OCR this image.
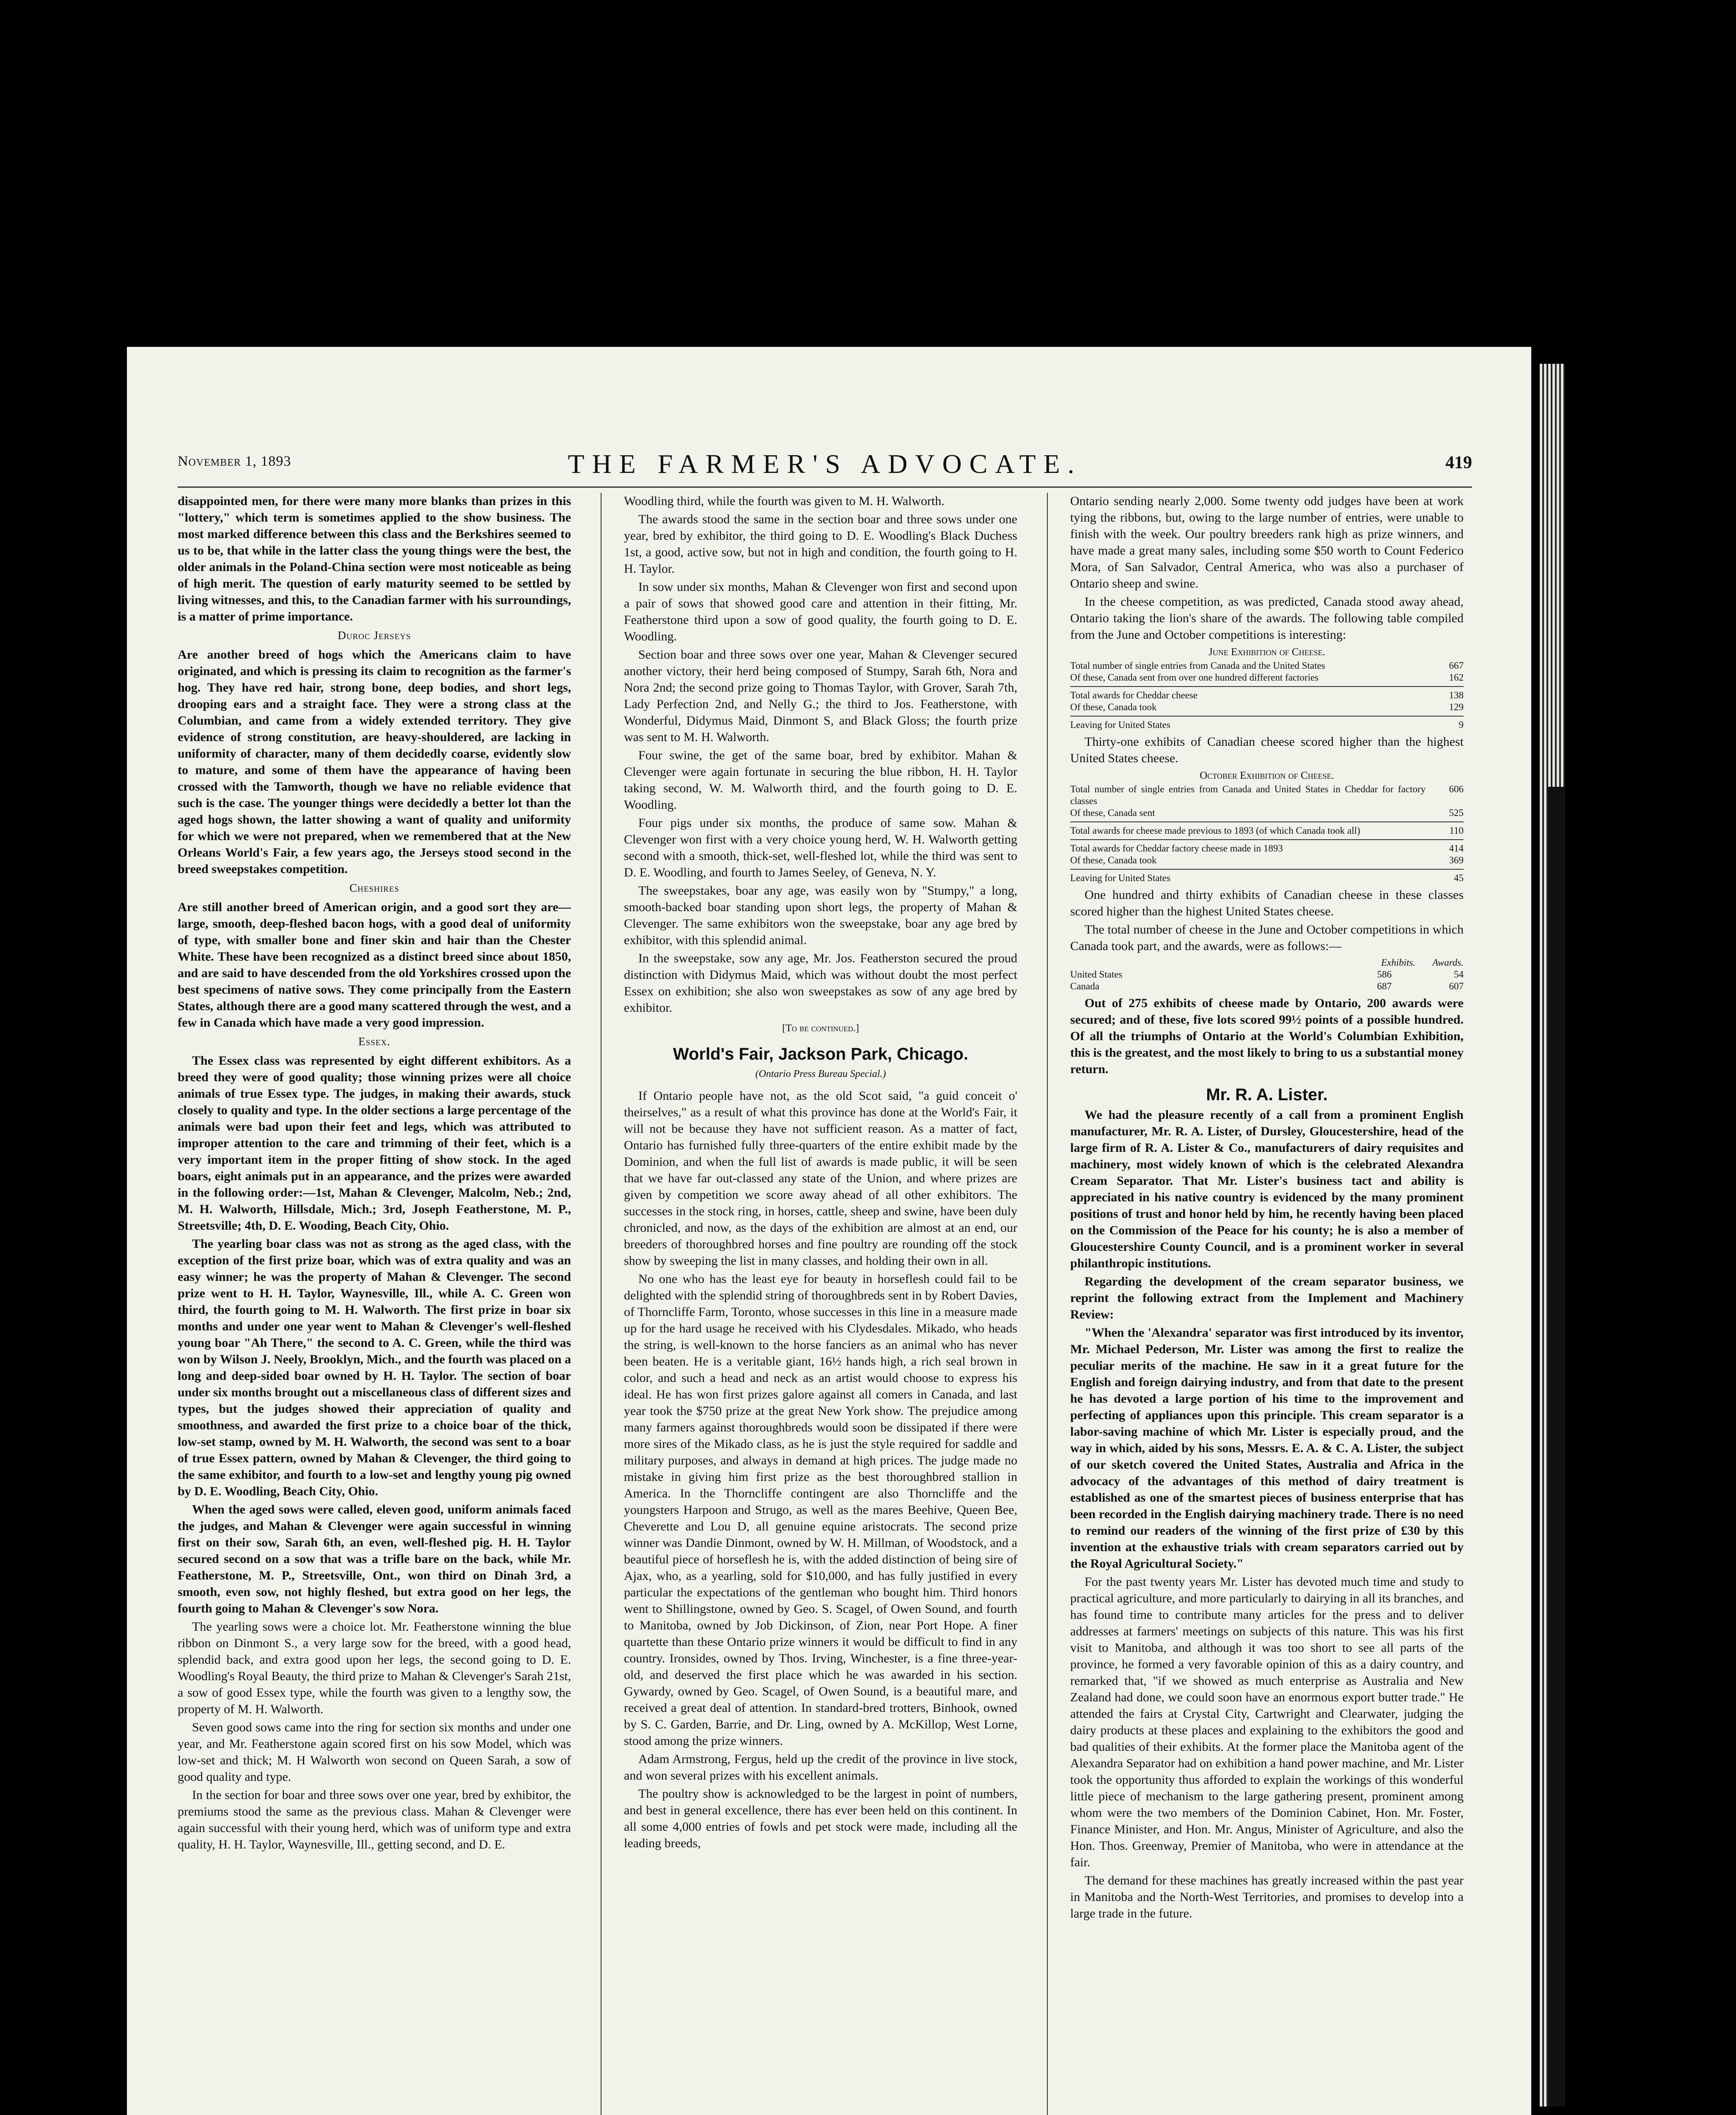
November 1, 1893	THE FARMER'S ADVOCATE.	419

disappointed men, for there were many more blanks than prizes in this "lottery," which term is sometimes applied to the show business. The most marked difference between this class and the Berkshires seemed to us to be, that while in the latter class the young things were the best, the older animals in the Poland-China section were most noticeable as being of high merit. The question of early maturity seemed to be settled by living witnesses, and this, to the Canadian farmer with his surroundings, is a matter of prime importance.

Duroc Jerseys

Are another breed of hogs which the Americans claim to have originated, and which is pressing its claim to recognition as the farmer's hog. They have red hair, strong bone, deep bodies, and short legs, drooping ears and a straight face. They were a strong class at the Columbian, and came from a widely extended territory. They give evidence of strong constitution, are heavy-shouldered, are lacking in uniformity of character, many of them decidedly coarse, evidently slow to mature, and some of them have the appearance of having been crossed with the Tamworth, though we have no reliable evidence that such is the case. The younger things were decidedly a better lot than the aged hogs shown, the latter showing a want of quality and uniformity for which we were not prepared, when we remembered that at the New Orleans World's Fair, a few years ago, the Jerseys stood second in the breed sweepstakes competition.

Cheshires

Are still another breed of American origin, and a good sort they are—large, smooth, deep-fleshed bacon hogs, with a good deal of uniformity of type, with smaller bone and finer skin and hair than the Chester White. These have been recognized as a distinct breed since about 1850, and are said to have descended from the old Yorkshires crossed upon the best specimens of native sows. They come principally from the Eastern States, although there are a good many scattered through the west, and a few in Canada which have made a very good impression.

Essex.

The Essex class was represented by eight different exhibitors. As a breed they were of good quality; those winning prizes were all choice animals of true Essex type. The judges, in making their awards, stuck closely to quality and type. In the older sections a large percentage of the animals were bad upon their feet and legs, which was attributed to improper attention to the care and trimming of their feet, which is a very important item in the proper fitting of show stock. In the aged boars, eight animals put in an appearance, and the prizes were awarded in the following order:—1st, Mahan & Clevenger, Malcolm, Neb.; 2nd, M. H. Walworth, Hillsdale, Mich.; 3rd, Joseph Featherstone, M. P., Streetsville; 4th, D. E. Wooding, Beach City, Ohio.

The yearling boar class was not as strong as the aged class, with the exception of the first prize boar, which was of extra quality and was an easy winner; he was the property of Mahan & Clevenger. The second prize went to H. H. Taylor, Waynesville, Ill., while A. C. Green won third, the fourth going to M. H. Walworth. The first prize in boar six months and under one year went to Mahan & Clevenger's well-fleshed young boar "Ah There," the second to A. C. Green, while the third was won by Wilson J. Neely, Brooklyn, Mich., and the fourth was placed on a long and deep-sided boar owned by H. H. Taylor. The section of boar under six months brought out a miscellaneous class of different sizes and types, but the judges showed their appreciation of quality and smoothness, and awarded the first prize to a choice boar of the thick, low-set stamp, owned by M. H. Walworth, the second was sent to a boar of true Essex pattern, owned by Mahan & Clevenger, the third going to the same exhibitor, and fourth to a low-set and lengthy young pig owned by D. E. Woodling, Beach City, Ohio.

When the aged sows were called, eleven good, uniform animals faced the judges, and Mahan & Clevenger were again successful in winning first on their sow, Sarah 6th, an even, well-fleshed pig. H. H. Taylor secured second on a sow that was a trifle bare on the back, while Mr. Featherstone, M. P., Streetsville, Ont., won third on Dinah 3rd, a smooth, even sow, not highly fleshed, but extra good on her legs, the fourth going to Mahan & Clevenger's sow Nora.

The yearling sows were a choice lot. Mr. Featherstone winning the blue ribbon on Dinmont S., a very large sow for the breed, with a good head, splendid back, and extra good upon her legs, the second going to D. E. Woodling's Royal Beauty, the third prize to Mahan & Clevenger's Sarah 21st, a sow of good Essex type, while the fourth was given to a lengthy sow, the property of M. H. Walworth.

Seven good sows came into the ring for section six months and under one year, and Mr. Featherstone again scored first on his sow Model, which was low-set and thick; M. H Walworth won second on Queen Sarah, a sow of good quality and type.

In the section for boar and three sows over one year, bred by exhibitor, the premiums stood the same as the previous class. Mahan & Clevenger were again successful with their young herd, which was of uniform type and extra quality, H. H. Taylor, Waynesville, Ill., getting second, and D. E.

Woodling third, while the fourth was given to M. H. Walworth.

The awards stood the same in the section boar and three sows under one year, bred by exhibitor, the third going to D. E. Woodling's Black Duchess 1st, a good, active sow, but not in high and condition, the fourth going to H. H. Taylor.

In sow under six months, Mahan & Clevenger won first and second upon a pair of sows that showed good care and attention in their fitting, Mr. Featherstone third upon a sow of good quality, the fourth going to D. E. Woodling.

Section boar and three sows over one year, Mahan & Clevenger secured another victory, their herd being composed of Stumpy, Sarah 6th, Nora and Nora 2nd; the second prize going to Thomas Taylor, with Grover, Sarah 7th, Lady Perfection 2nd, and Nelly G.; the third to Jos. Featherstone, with Wonderful, Didymus Maid, Dinmont S, and Black Gloss; the fourth prize was sent to M. H. Walworth.

Four swine, the get of the same boar, bred by exhibitor. Mahan & Clevenger were again fortunate in securing the blue ribbon, H. H. Taylor taking second, W. M. Walworth third, and the fourth going to D. E. Woodling.

Four pigs under six months, the produce of same sow. Mahan & Clevenger won first with a very choice young herd, W. H. Walworth getting second with a smooth, thick-set, well-fleshed lot, while the third was sent to D. E. Woodling, and fourth to James Seeley, of Geneva, N. Y.

The sweepstakes, boar any age, was easily won by "Stumpy," a long, smooth-backed boar standing upon short legs, the property of Mahan & Clevenger. The same exhibitors won the sweepstake, boar any age bred by exhibitor, with this splendid animal.

In the sweepstake, sow any age, Mr. Jos. Featherston secured the proud distinction with Didymus Maid, which was without doubt the most perfect Essex on exhibition; she also won sweepstakes as sow of any age bred by exhibitor.

[To be continued.]
World's Fair, Jackson Park, Chicago.
(Ontario Press Bureau Special.)

If Ontario people have not, as the old Scot said, "a guid conceit o' theirselves," as a result of what this province has done at the World's Fair, it will not be because they have not sufficient reason. As a matter of fact, Ontario has furnished fully three-quarters of the entire exhibit made by the Dominion, and when the full list of awards is made public, it will be seen that we have far out-classed any state of the Union, and where prizes are given by competition we score away ahead of all other exhibitors. The successes in the stock ring, in horses, cattle, sheep and swine, have been duly chronicled, and now, as the days of the exhibition are almost at an end, our breeders of thoroughbred horses and fine poultry are rounding off the stock show by sweeping the list in many classes, and holding their own in all.

No one who has the least eye for beauty in horseflesh could fail to be delighted with the splendid string of thoroughbreds sent in by Robert Davies, of Thorncliffe Farm, Toronto, whose successes in this line in a measure made up for the hard usage he received with his Clydesdales. Mikado, who heads the string, is well-known to the horse fanciers as an animal who has never been beaten. He is a veritable giant, 16½ hands high, a rich seal brown in color, and such a head and neck as an artist would choose to express his ideal. He has won first prizes galore against all comers in Canada, and last year took the $750 prize at the great New York show. The prejudice among many farmers against thoroughbreds would soon be dissipated if there were more sires of the Mikado class, as he is just the style required for saddle and military purposes, and always in demand at high prices. The judge made no mistake in giving him first prize as the best thoroughbred stallion in America. In the Thorncliffe contingent are also Thorncliffe and the youngsters Harpoon and Strugo, as well as the mares Beehive, Queen Bee, Cheverette and Lou D, all genuine equine aristocrats. The second prize winner was Dandie Dinmont, owned by W. H. Millman, of Woodstock, and a beautiful piece of horseflesh he is, with the added distinction of being sire of Ajax, who, as a yearling, sold for $10,000, and has fully justified in every particular the expectations of the gentleman who bought him. Third honors went to Shillingstone, owned by Geo. S. Scagel, of Owen Sound, and fourth to Manitoba, owned by Job Dickinson, of Zion, near Port Hope. A finer quartette than these Ontario prize winners it would be difficult to find in any country. Ironsides, owned by Thos. Irving, Winchester, is a fine three-year-old, and deserved the first place which he was awarded in his section. Gywardy, owned by Geo. Scagel, of Owen Sound, is a beautiful mare, and received a great deal of attention. In standard-bred trotters, Binhook, owned by S. C. Garden, Barrie, and Dr. Ling, owned by A. McKillop, West Lorne, stood among the prize winners.

Adam Armstrong, Fergus, held up the credit of the province in live stock, and won several prizes with his excellent animals.

The poultry show is acknowledged to be the largest in point of numbers, and best in general excellence, there has ever been held on this continent. In all some 4,000 entries of fowls and pet stock were made, including all the leading breeds,

Ontario sending nearly 2,000. Some twenty odd judges have been at work tying the ribbons, but, owing to the large number of entries, were unable to finish with the week. Our poultry breeders rank high as prize winners, and have made a great many sales, including some $50 worth to Count Federico Mora, of San Salvador, Central America, who was also a purchaser of Ontario sheep and swine.

In the cheese competition, as was predicted, Canada stood away ahead, Ontario taking the lion's share of the awards. The following table compiled from the June and October competitions is interesting:

June Exhibition of Cheese.
Total number of single entries from Canada and the United States	667
Of these, Canada sent from over one hundred different factories	162
Total awards for Cheddar cheese	138
Of these, Canada took	129
Leaving for United States	9

Thirty-one exhibits of Canadian cheese scored higher than the highest United States cheese.

October Exhibition of Cheese.
Total number of single entries from Canada and United States in Cheddar for factory classes
606
Of these, Canada sent	525
Total awards for cheese made previous to 1893 (of which Canada took all)	110
Total awards for Cheddar factory cheese made in 1893	414
Of these, Canada took	369
Leaving for United States	45

One hundred and thirty exhibits of Canadian cheese in these classes scored higher than the highest United States cheese.

The total number of cheese in the June and October competitions in which Canada took part, and the awards, were as follows:—

Exhibits. Awards.
United States	586	54
Canada	687	607

Out of 275 exhibits of cheese made by Ontario, 200 awards were secured; and of these, five lots scored 99½ points of a possible hundred. Of all the triumphs of Ontario at the World's Columbian Exhibition, this is the greatest, and the most likely to bring to us a substantial money return.

Mr. R. A. Lister.

We had the pleasure recently of a call from a prominent English manufacturer, Mr. R. A. Lister, of Dursley, Gloucestershire, head of the large firm of R. A. Lister & Co., manufacturers of dairy requisites and machinery, most widely known of which is the celebrated Alexandra Cream Separator. That Mr. Lister's business tact and ability is appreciated in his native country is evidenced by the many prominent positions of trust and honor held by him, he recently having been placed on the Commission of the Peace for his county; he is also a member of Gloucestershire County Council, and is a prominent worker in several philanthropic institutions.

Regarding the development of the cream separator business, we reprint the following extract from the Implement and Machinery Review:

"When the 'Alexandra' separator was first introduced by its inventor, Mr. Michael Pederson, Mr. Lister was among the first to realize the peculiar merits of the machine. He saw in it a great future for the English and foreign dairying industry, and from that date to the present he has devoted a large portion of his time to the improvement and perfecting of appliances upon this principle. This cream separator is a labor-saving machine of which Mr. Lister is especially proud, and the way in which, aided by his sons, Messrs. E. A. & C. A. Lister, the subject of our sketch covered the United States, Australia and Africa in the advocacy of the advantages of this method of dairy treatment is established as one of the smartest pieces of business enterprise that has been recorded in the English dairying machinery trade. There is no need to remind our readers of the winning of the first prize of £30 by this invention at the exhaustive trials with cream separators carried out by the Royal Agricultural Society."

For the past twenty years Mr. Lister has devoted much time and study to practical agriculture, and more particularly to dairying in all its branches, and has found time to contribute many articles for the press and to deliver addresses at farmers' meetings on subjects of this nature. This was his first visit to Manitoba, and although it was too short to see all parts of the province, he formed a very favorable opinion of this as a dairy country, and remarked that, "if we showed as much enterprise as Australia and New Zealand had done, we could soon have an enormous export butter trade." He attended the fairs at Crystal City, Cartwright and Clearwater, judging the dairy products at these places and explaining to the exhibitors the good and bad qualities of their exhibits. At the former place the Manitoba agent of the Alexandra Separator had on exhibition a hand power machine, and Mr. Lister took the opportunity thus afforded to explain the workings of this wonderful little piece of mechanism to the large gathering present, prominent among whom were the two members of the Dominion Cabinet, Hon. Mr. Foster, Finance Minister, and Hon. Mr. Angus, Minister of Agriculture, and also the Hon. Thos. Greenway, Premier of Manitoba, who were in attendance at the fair.

The demand for these machines has greatly increased within the past year in Manitoba and the North-West Territories, and promises to develop into a large trade in the future.
